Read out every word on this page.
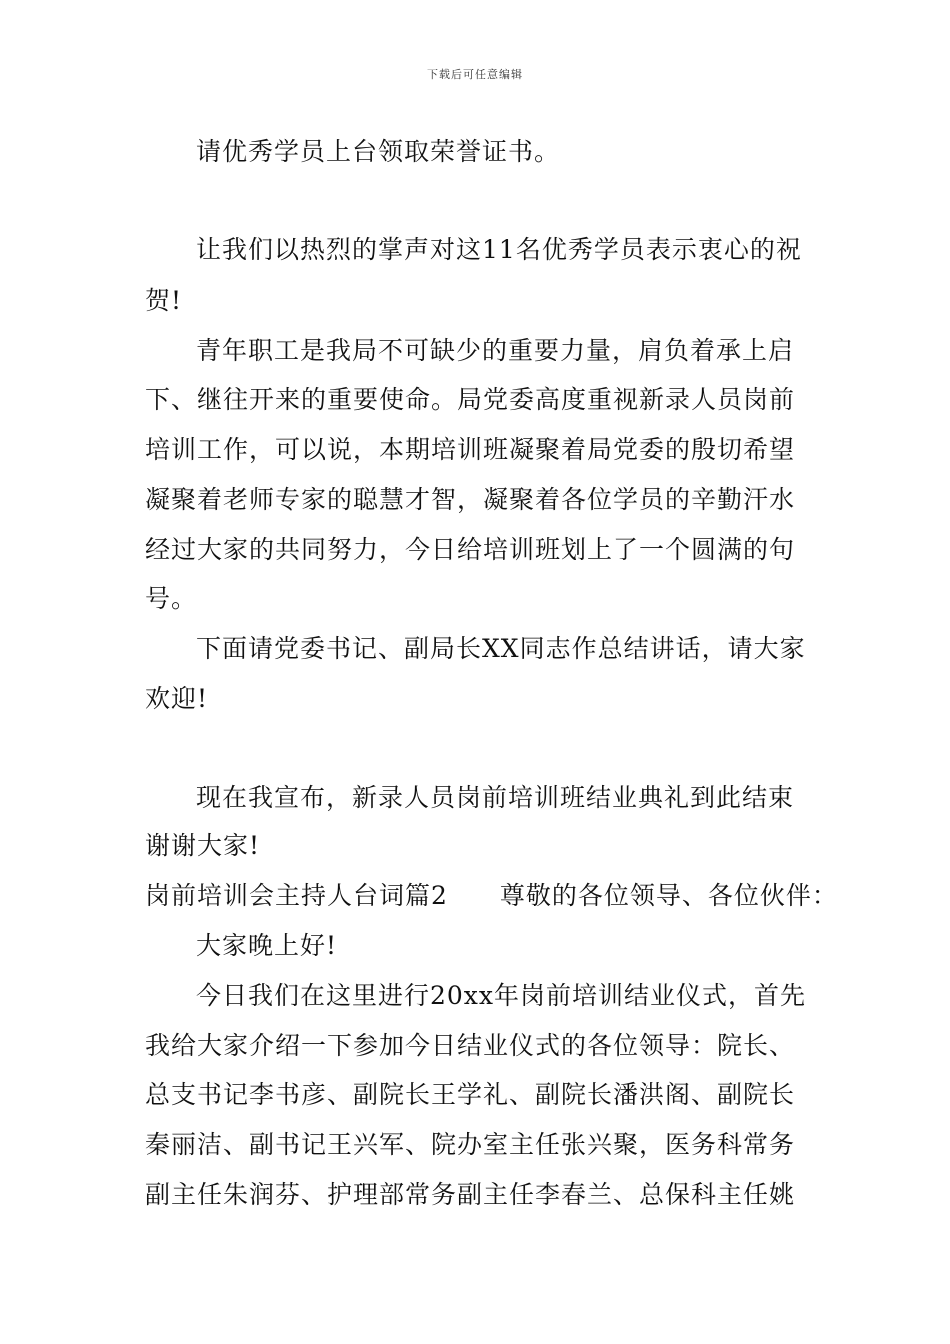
下载后可任意编辑
请优秀学员上台领取荣誉证书。
让我们以热烈的掌声对这11名优秀学员表示衷心的祝
贺!
青年职工是我局不可缺少的重要力量，肩负着承上启
下、继往开来的重要使命。局党委高度重视新录人员岗前
培训工作，可以说，本期培训班凝聚着局党委的殷切希望
凝聚着老师专家的聪慧才智，凝聚着各位学员的辛勤汗水
经过大家的共同努力，今日给培训班划上了一个圆满的句
号。
下面请党委书记、副局长XX同志作总结讲话，请大家
欢迎!
现在我宣布，新录人员岗前培训班结业典礼到此结束
谢谢大家!
岗前培训会主持人台词篇2 尊敬的各位领导、各位伙伴：
大家晚上好!
今日我们在这里进行20xx年岗前培训结业仪式，首先
我给大家介绍一下参加今日结业仪式的各位领导：院长、
总支书记李书彦、副院长王学礼、副院长潘洪阁、副院长
秦丽洁、副书记王兴军、院办室主任张兴聚，医务科常务
副主任朱润芬、护理部常务副主任李春兰、总保科主任姚
